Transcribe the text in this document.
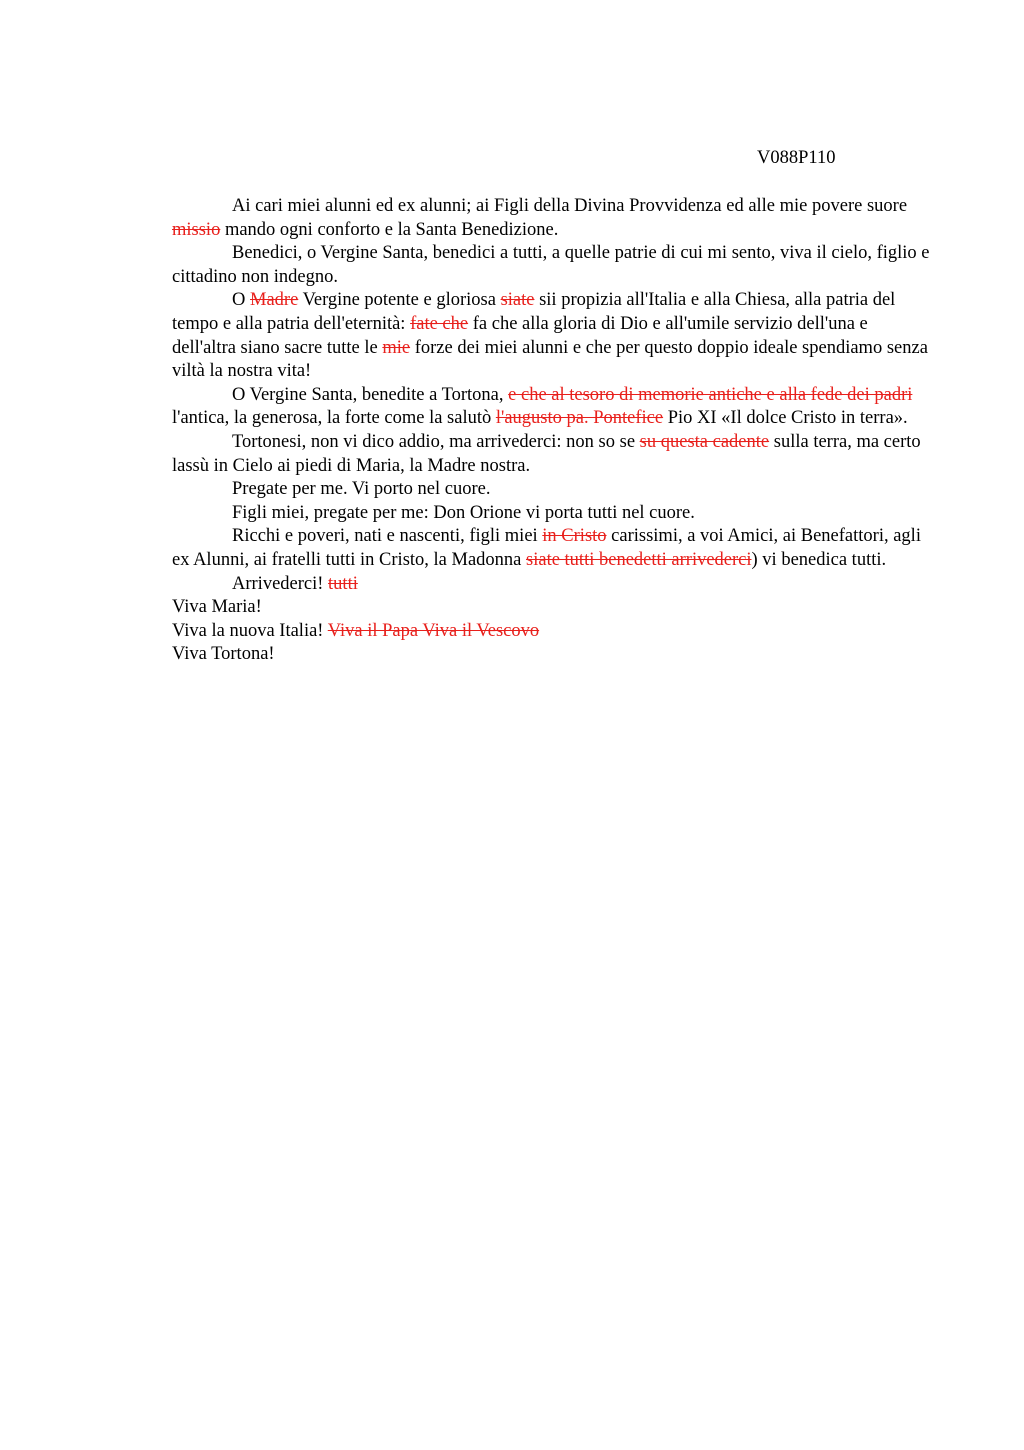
V088P110

Ai cari miei alunni ed ex alunni; ai Figli della Divina Provvidenza ed alle mie povere suore missio mando ogni conforto e la Santa Benedizione.

Benedici, o Vergine Santa, benedici a tutti, a quelle patrie di cui mi sento, viva il cielo, figlio e cittadino non indegno.

O Madre Vergine potente e gloriosa siate sii propizia all'Italia e alla Chiesa, alla patria del tempo e alla patria dell'eternità: fate che fa che alla gloria di Dio e all'umile servizio dell'una e dell'altra siano sacre tutte le mie forze dei miei alunni e che per questo doppio ideale spendiamo senza viltà la nostra vita!

O Vergine Santa, benedite a Tortona, e che al tesoro di memorie antiche e alla fede dei padri l'antica, la generosa, la forte come la salutò l'augusto pa. Pontefice Pio XI «Il dolce Cristo in terra».

Tortonesi, non vi dico addio, ma arrivederci: non so se su questa cadente sulla terra, ma certo lassù in Cielo ai piedi di Maria, la Madre nostra.

Pregate per me. Vi porto nel cuore.

Figli miei, pregate per me: Don Orione vi porta tutti nel cuore.

Ricchi e poveri, nati e nascenti, figli miei in Cristo carissimi, a voi Amici, ai Benefattori, agli ex Alunni, ai fratelli tutti in Cristo, la Madonna siate tutti benedetti arrivederci) vi benedica tutti.

Arrivederci! tutti

Viva Maria!

Viva la nuova Italia! Viva il Papa Viva il Vescovo

Viva Tortona!
